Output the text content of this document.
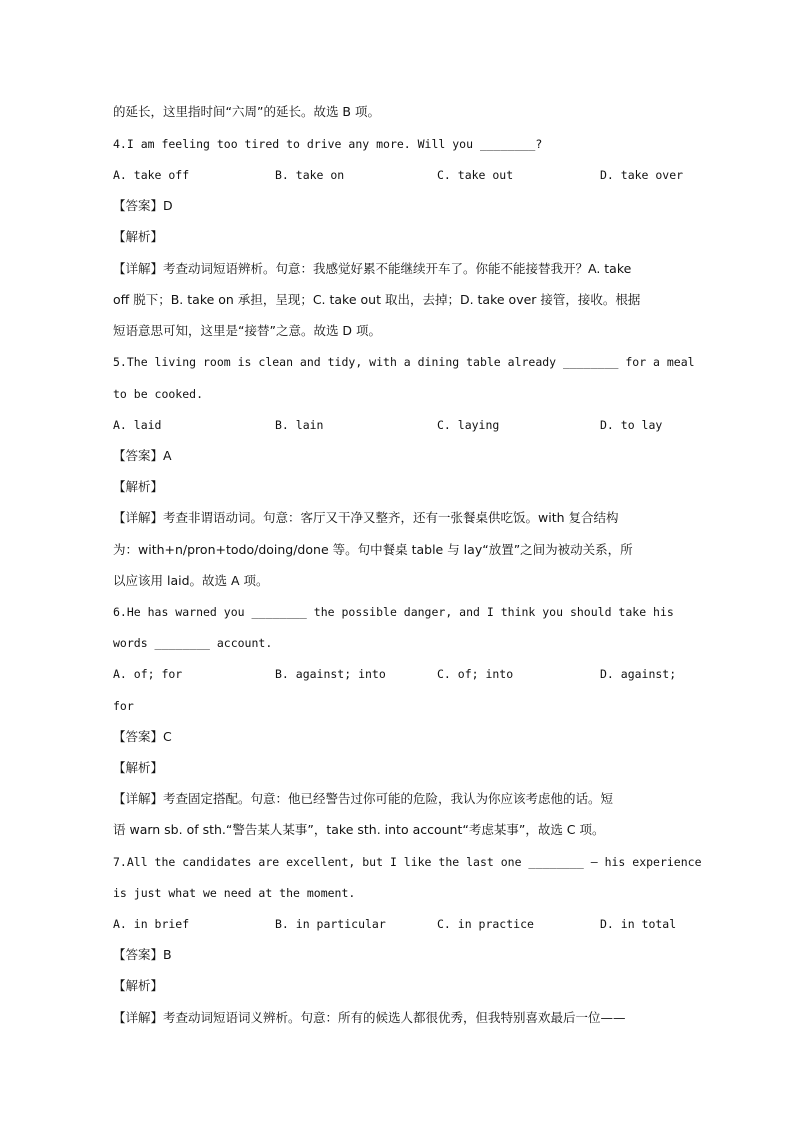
的延长，这里指时间“六周”的延长。故选 B 项。
4.I am feeling too tired to drive any more. Will you ________?
A. take off	B. take on	C. take out	D. take over
【答案】D
【解析】
【详解】考查动词短语辨析。句意：我感觉好累不能继续开车了。你能不能接替我开？A. take
off 脱下；B. take on 承担，呈现；C. take out 取出，去掉；D. take over 接管，接收。根据
短语意思可知，这里是“接替”之意。故选 D 项。
5.The living room is clean and tidy, with a dining table already ________ for a meal
to be cooked.
A. laid	B. lain	C. laying	D. to lay
【答案】A
【解析】
【详解】考查非谓语动词。句意：客厅又干净又整齐，还有一张餐桌供吃饭。with 复合结构
为：with+n/pron+todo/doing/done 等。句中餐桌 table 与 lay“放置”之间为被动关系，所
以应该用 laid。故选 A 项。
6.He has warned you ________ the possible danger, and I think you should take his
words ________ account.
A. of; for	B. against; into	C. of; into	D. against;
for
【答案】C
【解析】
【详解】考查固定搭配。句意：他已经警告过你可能的危险，我认为你应该考虑他的话。短
语 warn sb. of sth.“警告某人某事”，take sth. into account“考虑某事”，故选 C 项。
7.All the candidates are excellent, but I like the last one ________ — his experience
is just what we need at the moment.
A. in brief	B. in particular	C. in practice	D. in total
【答案】B
【解析】
【详解】考查动词短语词义辨析。句意：所有的候选人都很优秀，但我特别喜欢最后一位——
